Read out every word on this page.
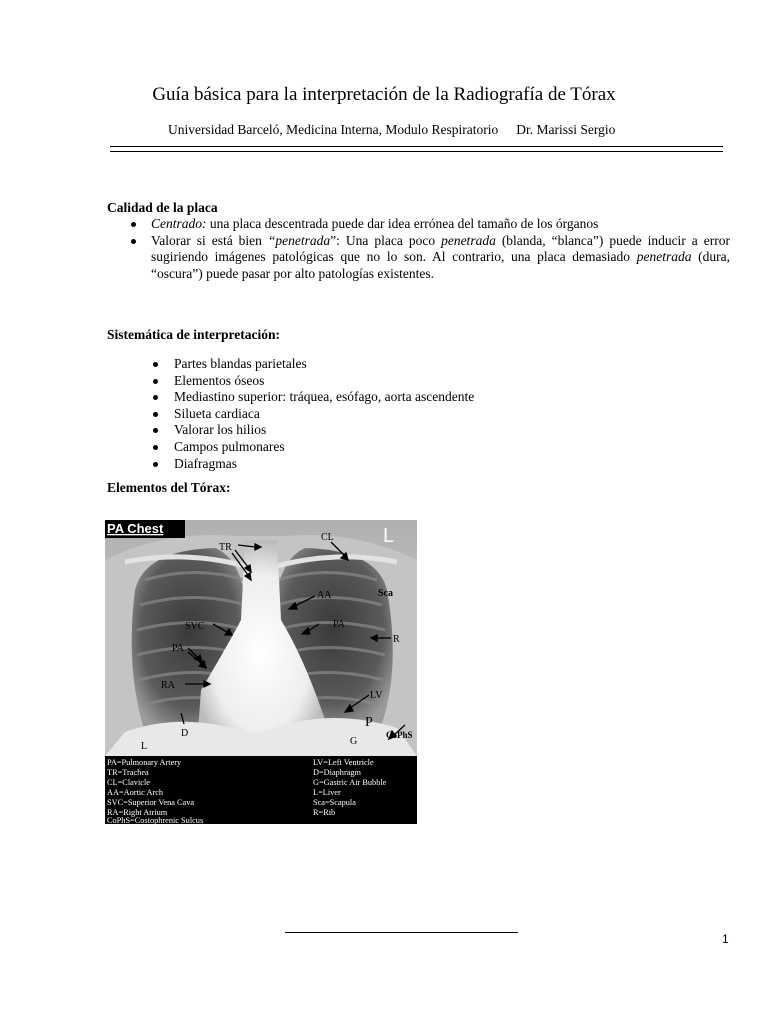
Guía básica para la interpretación de la Radiografía de Tórax
Universidad Barceló, Medicina Interna, Modulo Respiratorio Dr. Marissi Sergio
Calidad de la placa
Centrado: una placa descentrada puede dar idea errónea del tamaño de los órganos
Valorar si está bien “penetrada”: Una placa poco penetrada (blanda, “blanca”) puede inducir a error sugiriendo imágenes patológicas que no lo son. Al contrario, una placa demasiado penetrada (dura, “oscura”) puede pasar por alto patologías existentes.
Sistemática de interpretación:
Partes blandas parietales
Elementos óseos
Mediastino superior: tráquea, esófago, aorta ascendente
Silueta cardiaca
Valorar los hilios
Campos pulmonares
Diafragmas
Elementos del Tórax:
TR
CL
AA	Sca
SVC
PA
PA
R
RA
LV
P
CoPhS
D
G
L
PA Chest	L
PA=Pulmonary Artery
TR=Trachea
CL=Clavicle
AA=Aortic Arch
SVC=Superior Vena Cava
RA=Right Atrium
CoPhS=Costophrenic Sulcus
LV=Left Ventricle
D=Diaphragm
G=Gastric Air Bubble
L=Liver
Sca=Scapula
R=Rib
1
